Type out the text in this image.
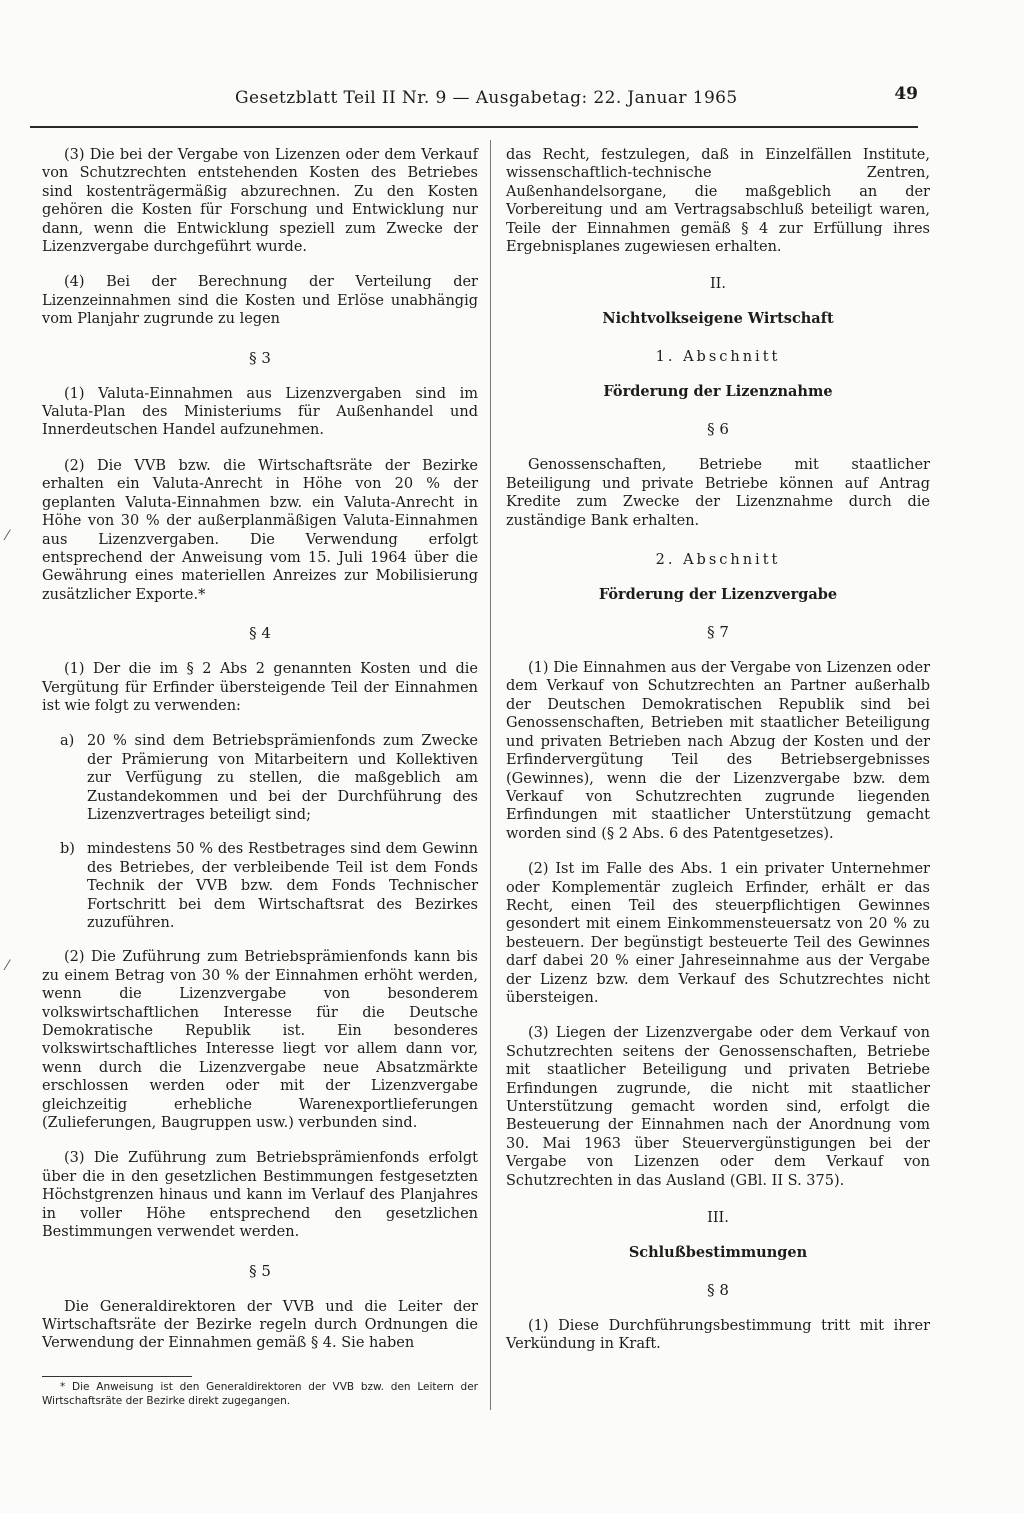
Gesetzblatt Teil II Nr. 9 — Ausgabetag: 22. Januar 1965	49
⁄
⁄

(3) Die bei der Vergabe von Lizenzen oder dem Verkauf von Schutzrechten entstehenden Kosten des Betriebes sind kostenträgermäßig abzurechnen. Zu den Kosten gehören die Kosten für Forschung und Entwicklung nur dann, wenn die Entwicklung speziell zum Zwecke der Lizenzvergabe durchgeführt wurde.

(4) Bei der Berechnung der Verteilung der Lizenzeinnahmen sind die Kosten und Erlöse unabhängig vom Planjahr zugrunde zu legen

§ 3

(1) Valuta-Einnahmen aus Lizenzvergaben sind im Valuta-Plan des Ministeriums für Außenhandel und Innerdeutschen Handel aufzunehmen.

(2) Die VVB bzw. die Wirtschaftsräte der Bezirke erhalten ein Valuta-Anrecht in Höhe von 20 % der geplanten Valuta-Einnahmen bzw. ein Valuta-Anrecht in Höhe von 30 % der außerplanmäßigen Valuta-Einnahmen aus Lizenzvergaben. Die Verwendung erfolgt entsprechend der Anweisung vom 15. Juli 1964 über die Gewährung eines materiellen Anreizes zur Mobilisierung zusätzlicher Exporte.*

§ 4

(1) Der die im § 2 Abs 2 genannten Kosten und die Vergütung für Erfinder übersteigende Teil der Einnahmen ist wie folgt zu verwenden:

a) 20 % sind dem Betriebsprämienfonds zum Zwecke der Prämierung von Mitarbeitern und Kollektiven zur Verfügung zu stellen, die maßgeblich am Zustandekommen und bei der Durchführung des Lizenzvertrages beteiligt sind;

b) mindestens 50 % des Restbetrages sind dem Gewinn des Betriebes, der verbleibende Teil ist dem Fonds Technik der VVB bzw. dem Fonds Technischer Fortschritt bei dem Wirtschaftsrat des Bezirkes zuzuführen.

(2) Die Zuführung zum Betriebsprämienfonds kann bis zu einem Betrag von 30 % der Einnahmen erhöht werden, wenn die Lizenzvergabe von besonderem volkswirtschaftlichen Interesse für die Deutsche Demokratische Republik ist. Ein besonderes volkswirtschaftliches Interesse liegt vor allem dann vor, wenn durch die Lizenzvergabe neue Absatzmärkte erschlossen werden oder mit der Lizenzvergabe gleichzeitig erhebliche Warenexportlieferungen (Zulieferungen, Baugruppen usw.) verbunden sind.

(3) Die Zuführung zum Betriebsprämienfonds erfolgt über die in den gesetzlichen Bestimmungen festgesetzten Höchstgrenzen hinaus und kann im Verlauf des Planjahres in voller Höhe entsprechend den gesetzlichen Bestimmungen verwendet werden.

§ 5

Die Generaldirektoren der VVB und die Leiter der Wirtschaftsräte der Bezirke regeln durch Ordnungen die Verwendung der Einnahmen gemäß § 4. Sie haben

* Die Anweisung ist den Generaldirektoren der VVB bzw. den Leitern der Wirtschaftsräte der Bezirke direkt zugegangen.

das Recht, festzulegen, daß in Einzelfällen Institute, wissenschaftlich-technische Zentren, Außenhandelsorgane, die maßgeblich an der Vorbereitung und am Vertragsabschluß beteiligt waren, Teile der Einnahmen gemäß § 4 zur Erfüllung ihres Ergebnisplanes zugewiesen erhalten.

II.
Nichtvolkseigene Wirtschaft
1. Abschnitt
Förderung der Lizenznahme
§ 6

Genossenschaften, Betriebe mit staatlicher Beteiligung und private Betriebe können auf Antrag Kredite zum Zwecke der Lizenznahme durch die zuständige Bank erhalten.

2. Abschnitt
Förderung der Lizenzvergabe
§ 7

(1) Die Einnahmen aus der Vergabe von Lizenzen oder dem Verkauf von Schutzrechten an Partner außerhalb der Deutschen Demokratischen Republik sind bei Genossenschaften, Betrieben mit staatlicher Beteiligung und privaten Betrieben nach Abzug der Kosten und der Erfindervergütung Teil des Betriebsergebnisses (Gewinnes), wenn die der Lizenzvergabe bzw. dem Verkauf von Schutzrechten zugrunde liegenden Erfindungen mit staatlicher Unterstützung gemacht worden sind (§ 2 Abs. 6 des Patentgesetzes).

(2) Ist im Falle des Abs. 1 ein privater Unternehmer oder Komplementär zugleich Erfinder, erhält er das Recht, einen Teil des steuerpflichtigen Gewinnes gesondert mit einem Einkommensteuersatz von 20 % zu besteuern. Der begünstigt besteuerte Teil des Gewinnes darf dabei 20 % einer Jahreseinnahme aus der Vergabe der Lizenz bzw. dem Verkauf des Schutzrechtes nicht übersteigen.

(3) Liegen der Lizenzvergabe oder dem Verkauf von Schutzrechten seitens der Genossenschaften, Betriebe mit staatlicher Beteiligung und privaten Betriebe Erfindungen zugrunde, die nicht mit staatlicher Unterstützung gemacht worden sind, erfolgt die Besteuerung der Einnahmen nach der Anordnung vom 30. Mai 1963 über Steuervergünstigungen bei der Vergabe von Lizenzen oder dem Verkauf von Schutzrechten in das Ausland (GBl. II S. 375).

III.
Schlußbestimmungen
§ 8

(1) Diese Durchführungsbestimmung tritt mit ihrer Verkündung in Kraft.
